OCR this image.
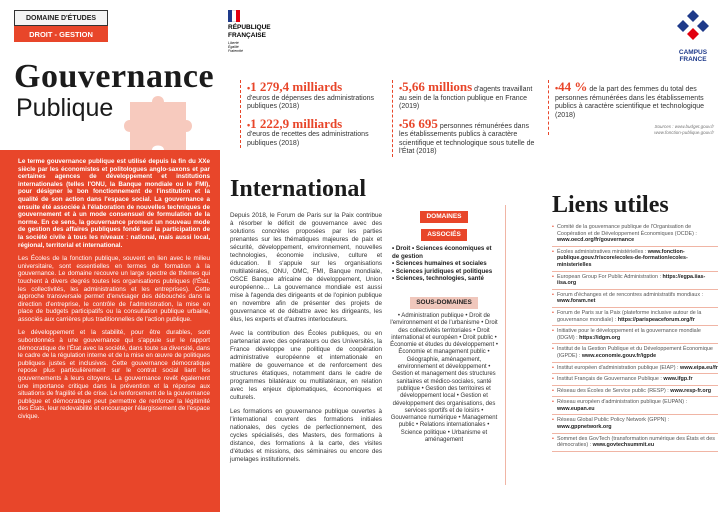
DOMAINE D'ÉTUDES
DROIT - GESTION
Gouvernance
Publique
RÉPUBLIQUE
FRANÇAISE
Liberté
Égalité
Fraternité	CAMPUS
FRANCE
•1 279,4 milliards
d'euros de dépenses des administrations publiques (2018)
•1 222,9 milliards
d'euros de recettes des administrations publiques (2018)
•5,66 millions d'agents travaillant au sein de la fonction publique en France (2019)
•56 695 personnes rémunérées dans les établissements publics à caractère scientifique et technologique sous tutelle de l'État (2018)
•44 % de la part des femmes du total des personnes rémunérées dans les établissements publics à caractère scientifique et technologique (2018)
Sources : www.budget.gouv.fr
www.fonction-publique.gouv.fr

Le terme gouvernance publique est utilisé depuis la fin du XXe siècle par les économistes et politologues anglo-saxons et par certaines agences de développement et institutions internationales (telles l'ONU, la Banque mondiale ou le FMI), pour désigner le bon fonctionnement de l'institution et la qualité de son action dans l'espace social. La gouvernance a ensuite été associée à l'élaboration de nouvelles techniques de gouvernement et à un mode consensuel de formulation de la norme. En ce sens, la gouvernance promeut un nouveau mode de gestion des affaires publiques fondé sur la participation de la société civile à tous les niveaux : national, mais aussi local, régional, territorial et international.

Les Écoles de la fonction publique, souvent en lien avec le milieu universitaire, sont essentielles en termes de formation à la gouvernance. Le domaine recouvre un large spectre de thèmes qui touchent à divers degrés toutes les organisations publiques (l'État, les collectivités, les administrations et les entreprises). Cette approche transversale permet d'envisager des débouchés dans la direction d'entreprise, le contrôle de l'administration, la mise en place de budgets participatifs ou la consultation publique urbaine, associés aux carrières plus traditionnelles de l'action publique.

Le développement et la stabilité, pour être durables, sont subordonnés à une gouvernance qui s'appuie sur le rapport démocratique de l'État avec la société, dans toute sa diversité, dans le cadre de la régulation interne et de la mise en œuvre de politiques publiques justes et inclusives. Cette gouvernance démocratique repose plus particulièrement sur le contrat social liant les gouvernements à leurs citoyens. La gouvernance revêt également une importance critique dans la prévention et la réponse aux situations de fragilité et de crise. Le renforcement de la gouvernance publique et démocratique peut permettre de renforcer la légitimité des États, leur redevabilité et encourager l'élargissement de l'espace civique.

International

Depuis 2018, le Forum de Paris sur la Paix contribue à résorber le déficit de gouvernance avec des solutions concrètes proposées par les parties prenantes sur les thématiques majeures de paix et sécurité, développement, environnement, nouvelles technologies, économie inclusive, culture et éducation. Il s'appuie sur les organisations multilatérales, ONU, OMC, FMI, Banque mondiale, OSCE Banque africaine de développement, Union européenne… La gouvernance mondiale est aussi mise à l'agenda des dirigeants et de l'opinion publique en novembre afin de présenter des projets de gouvernance et de débattre avec les dirigeants, les élus, les experts et d'autres interlocuteurs.

Avec la contribution des Écoles publiques, ou en partenariat avec des opérateurs ou des Universités, la France développe une politique de coopération administrative européenne et internationale en matière de gouvernance et de renforcement des structures étatiques, notamment dans le cadre de programmes bilatéraux ou multilatéraux, en relation avec les enjeux diplomatiques, économiques et culturels.

Les formations en gouvernance publique ouvertes à l'international couvrent des formations initiales nationales, des cycles de perfectionnement, des cycles spécialisés, des Masters, des formations à distance, des formations à la carte, des visites d'études et missions, des séminaires ou encore des jumelages institutionnels.

DOMAINES
ASSOCIÉS
• Droit • Sciences économiques et de gestion
• Sciences humaines et sociales
• Sciences juridiques et politiques
• Sciences, technologies, santé
SOUS-DOMAINES
• Administration publique • Droit de l'environnement et de l'urbanisme • Droit des collectivités territoriales • Droit international et européen • Droit public • Économie et études du développement • Économie et management public • Géographie, aménagement, environnement et développement • Gestion et management des structures sanitaires et médico-sociales, santé publique • Gestion des territoires et développement local • Gestion et développement des organisations, des services sportifs et de loisirs • Gouvernance numérique • Management public • Relations internationales • Science politique • Urbanisme et aménagement
Liens utiles
• Comité de la gouvernance publique de l'Organisation de Coopération et de Développement Économiques (OCDE) : www.oecd.org/fr/gouvernance
• Écoles administratives ministérielles : www.fonction-publique.gouv.fr/score/ecoles-de-formation/ecoles-ministerielles
• European Group For Public Administration : https://egpa.iias-iisa.org
• Forum d'échanges et de rencontres administratifs mondiaux : www.foram.net
• Forum de Paris sur la Paix (plateforme inclusive autour de la gouvernance mondiale) : https://parispeaceforum.org/fr
• Initiative pour le développement et la gouvernance mondiale (IDGM) : https://idgm.org
• Institut de la Gestion Publique et du Développement Économique (IGPDE) : www.economie.gouv.fr/igpde
• Institut européen d'administration publique (EIAP) : www.eipa.eu/fr
• Institut Français de Gouvernance Publique : www.ifgp.fr
• Réseau des Écoles de Service public (RESP) : www.resp-fr.org
• Réseau européen d'administration publique (EUPAN) : www.eupan.eu
• Réseau Global Public Policy Network (GPPN) : www.gppnetwork.org
• Sommet des GovTech (transformation numérique des États et des démocraties) : www.govtechsummit.eu
